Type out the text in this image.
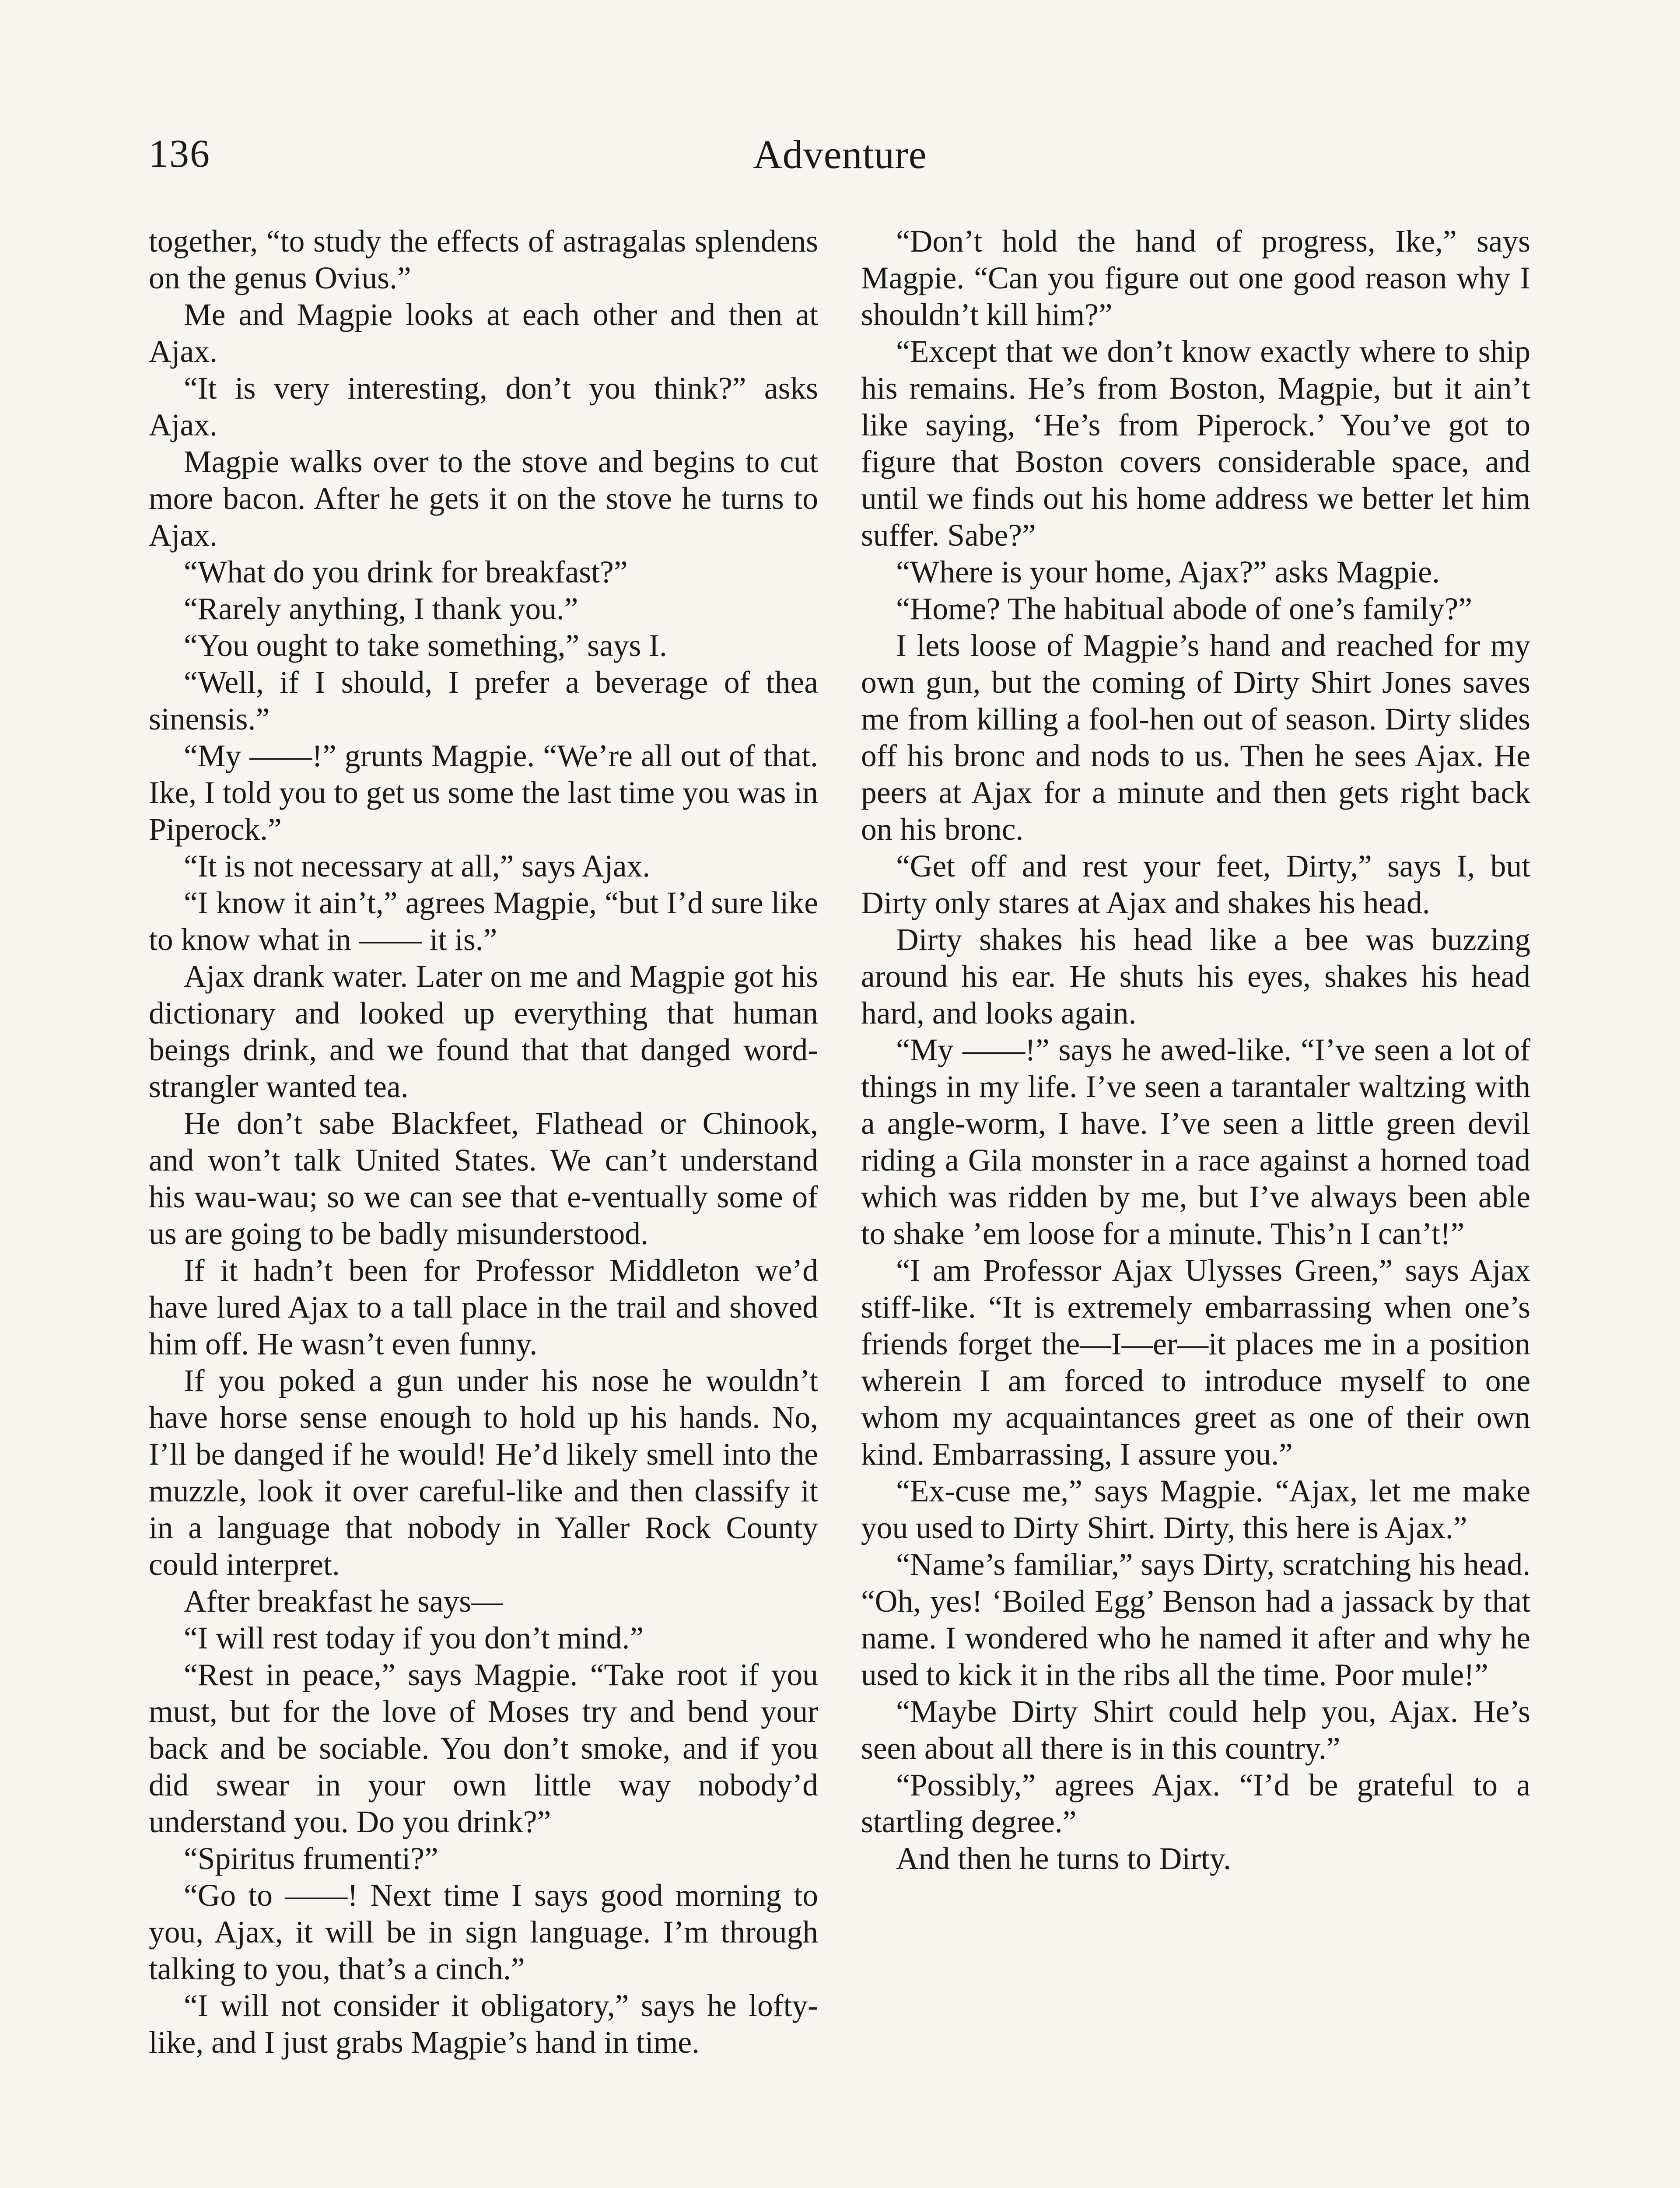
136	Adventure

together, “to study the effects of astragalas splendens on the genus Ovius.”

Me and Magpie looks at each other and then at Ajax.

“It is very interesting, don’t you think?” asks Ajax.

Magpie walks over to the stove and begins to cut more bacon. After he gets it on the stove he turns to Ajax.

“What do you drink for breakfast?”

“Rarely anything, I thank you.”

“You ought to take something,” says I.

“Well, if I should, I prefer a beverage of thea sinensis.”

“My ——!” grunts Magpie. “We’re all out of that. Ike, I told you to get us some the last time you was in Piperock.”

“It is not necessary at all,” says Ajax.

“I know it ain’t,” agrees Magpie, “but I’d sure like to know what in —— it is.”

Ajax drank water. Later on me and Magpie got his dictionary and looked up everything that human beings drink, and we found that that danged word-strangler wanted tea.

He don’t sabe Blackfeet, Flathead or Chinook, and won’t talk United States. We can’t understand his wau-wau; so we can see that e-ventually some of us are going to be badly misunderstood.

If it hadn’t been for Professor Middleton we’d have lured Ajax to a tall place in the trail and shoved him off. He wasn’t even funny.

If you poked a gun under his nose he wouldn’t have horse sense enough to hold up his hands. No, I’ll be danged if he would! He’d likely smell into the muzzle, look it over careful-like and then classify it in a language that nobody in Yaller Rock County could interpret.

After breakfast he says—

“I will rest today if you don’t mind.”

“Rest in peace,” says Magpie. “Take root if you must, but for the love of Moses try and bend your back and be sociable. You don’t smoke, and if you did swear in your own little way nobody’d understand you. Do you drink?”

“Spiritus frumenti?”

“Go to ——! Next time I says good morning to you, Ajax, it will be in sign language. I’m through talking to you, that’s a cinch.”

“I will not consider it obligatory,” says he lofty-like, and I just grabs Magpie’s hand in time.

“Don’t hold the hand of progress, Ike,” says Magpie. “Can you figure out one good reason why I shouldn’t kill him?”

“Except that we don’t know exactly where to ship his remains. He’s from Boston, Magpie, but it ain’t like saying, ‘He’s from Piperock.’ You’ve got to figure that Boston covers considerable space, and until we finds out his home address we better let him suffer. Sabe?”

“Where is your home, Ajax?” asks Magpie.

“Home? The habitual abode of one’s family?”

I lets loose of Magpie’s hand and reached for my own gun, but the coming of Dirty Shirt Jones saves me from killing a fool-hen out of season. Dirty slides off his bronc and nods to us. Then he sees Ajax. He peers at Ajax for a minute and then gets right back on his bronc.

“Get off and rest your feet, Dirty,” says I, but Dirty only stares at Ajax and shakes his head.

Dirty shakes his head like a bee was buzzing around his ear. He shuts his eyes, shakes his head hard, and looks again.

“My ——!” says he awed-like. “I’ve seen a lot of things in my life. I’ve seen a tarantaler waltzing with a angle-worm, I have. I’ve seen a little green devil riding a Gila monster in a race against a horned toad which was ridden by me, but I’ve always been able to shake ’em loose for a minute. This’n I can’t!”

“I am Professor Ajax Ulysses Green,” says Ajax stiff-like. “It is extremely embarrassing when one’s friends forget the—I—er—it places me in a position wherein I am forced to introduce myself to one whom my acquaintances greet as one of their own kind. Embarrassing, I assure you.”

“Ex-cuse me,” says Magpie. “Ajax, let me make you used to Dirty Shirt. Dirty, this here is Ajax.”

“Name’s familiar,” says Dirty, scratching his head. “Oh, yes! ‘Boiled Egg’ Benson had a jassack by that name. I wondered who he named it after and why he used to kick it in the ribs all the time. Poor mule!”

“Maybe Dirty Shirt could help you, Ajax. He’s seen about all there is in this country.”

“Possibly,” agrees Ajax. “I’d be grateful to a startling degree.”

And then he turns to Dirty.
